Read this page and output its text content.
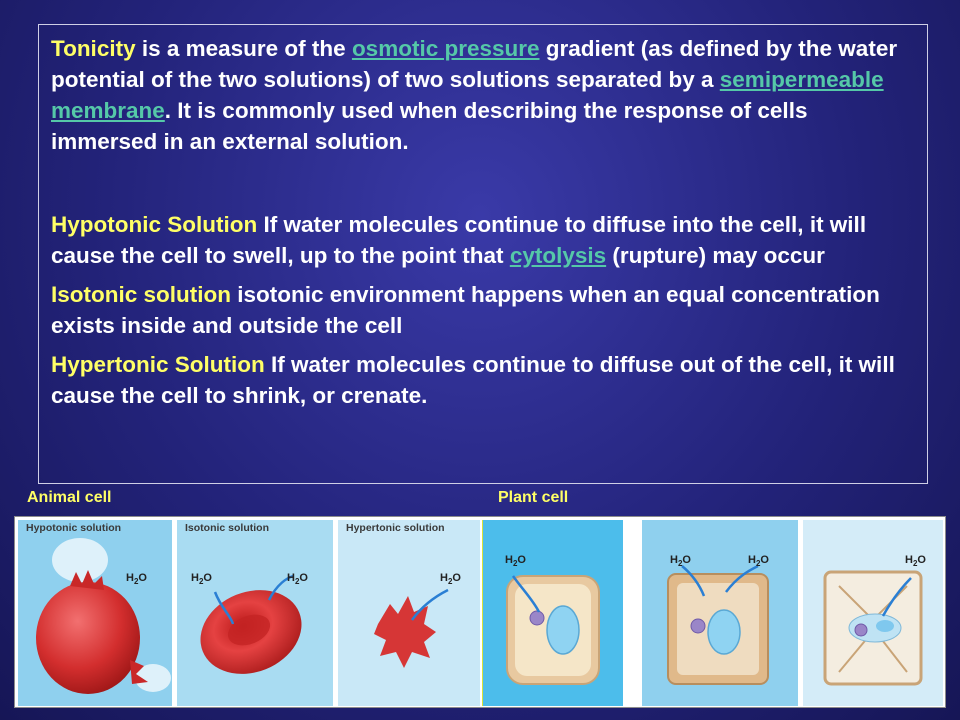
Tonicity is a measure of the osmotic pressure gradient (as defined by the water potential of the two solutions) of two solutions separated by a semipermeable membrane. It is commonly used when describing the response of cells immersed in an external solution.

Hypotonic Solution If water molecules continue to diffuse into the cell, it will cause the cell to swell, up to the point that cytolysis (rupture) may occur

Isotonic solution isotonic environment happens when an equal concentration exists inside and outside the cell

Hypertonic Solution If water molecules continue to diffuse out of the cell, it will cause the cell to shrink, or crenate.

Animal cell	Plant cell
Hypotonic solution
$H_2O$
Isotonic solution
$H_2O$	$H_2O$
Hypertonic solution
$H_2O$
$H_2O$	$H_2O$	$H_2O$	$H_2O$
